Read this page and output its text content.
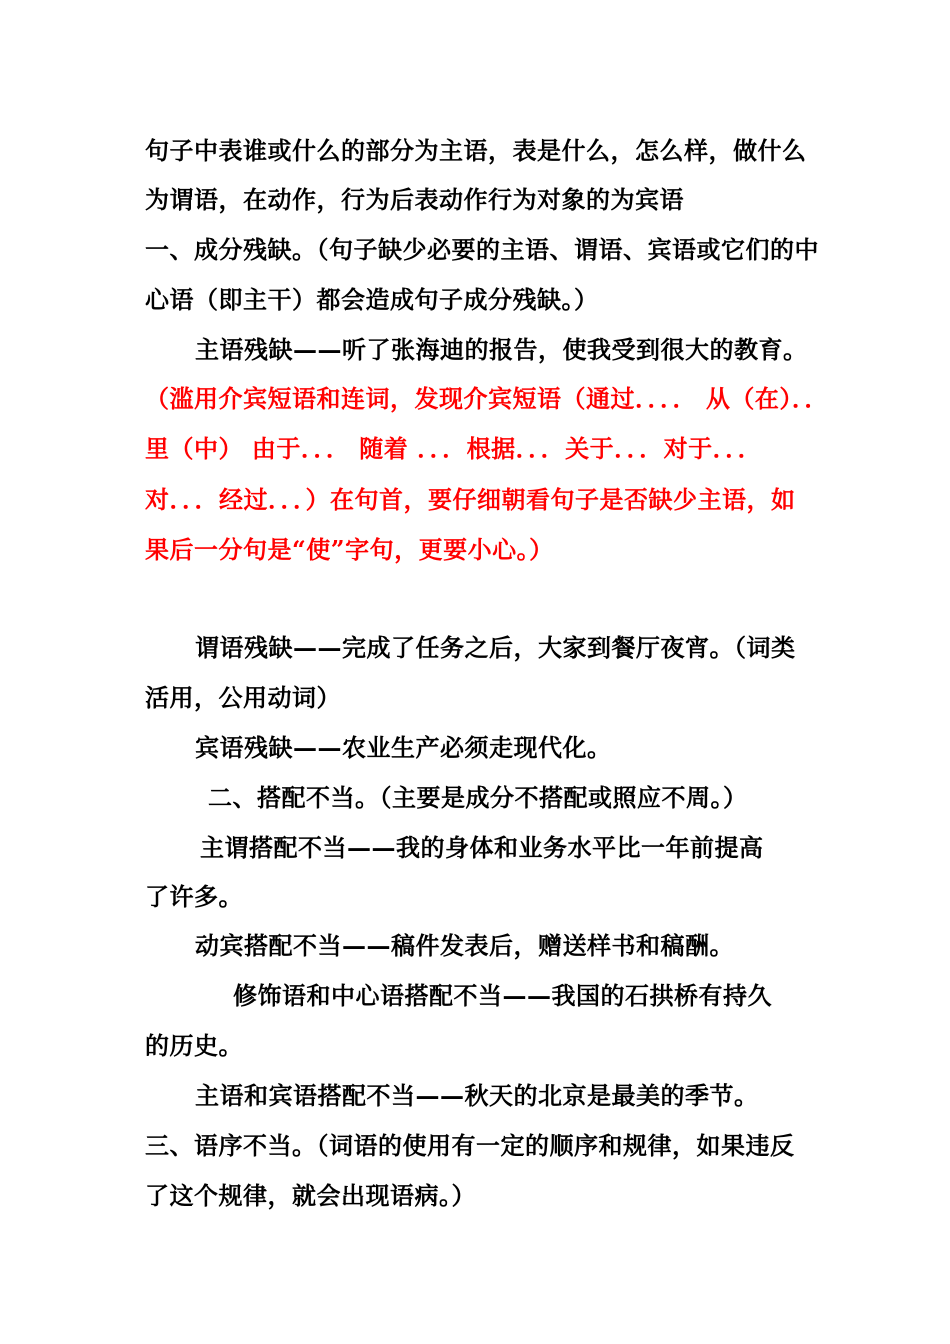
句子中表谁或什么的部分为主语，表是什么，怎么样，做什么
为谓语，在动作，行为后表动作行为对象的为宾语
一、成分残缺。（句子缺少必要的主语、谓语、宾语或它们的中
心语（即主干）都会造成句子成分残缺。）
主语残缺——听了张海迪的报告，使我受到很大的教育。
（滥用介宾短语和连词，发现介宾短语（通过．．．． 从（在）．．
里（中） 由于．．． 随着 ．．．根据．．．关于．．．对于．．．
对．．．经过．．．）在句首，要仔细朝看句子是否缺少主语，如
果后一分句是“使”字句，更要小心。）
谓语残缺——完成了任务之后，大家到餐厅夜宵。（词类
活用，公用动词）
宾语残缺——农业生产必须走现代化。
二、搭配不当。（主要是成分不搭配或照应不周。）
主谓搭配不当——我的身体和业务水平比一年前提高
了许多。
动宾搭配不当——稿件发表后，赠送样书和稿酬。
修饰语和中心语搭配不当——我国的石拱桥有持久
的历史。
主语和宾语搭配不当——秋天的北京是最美的季节。
三、语序不当。（词语的使用有一定的顺序和规律，如果违反
了这个规律，就会出现语病。）
